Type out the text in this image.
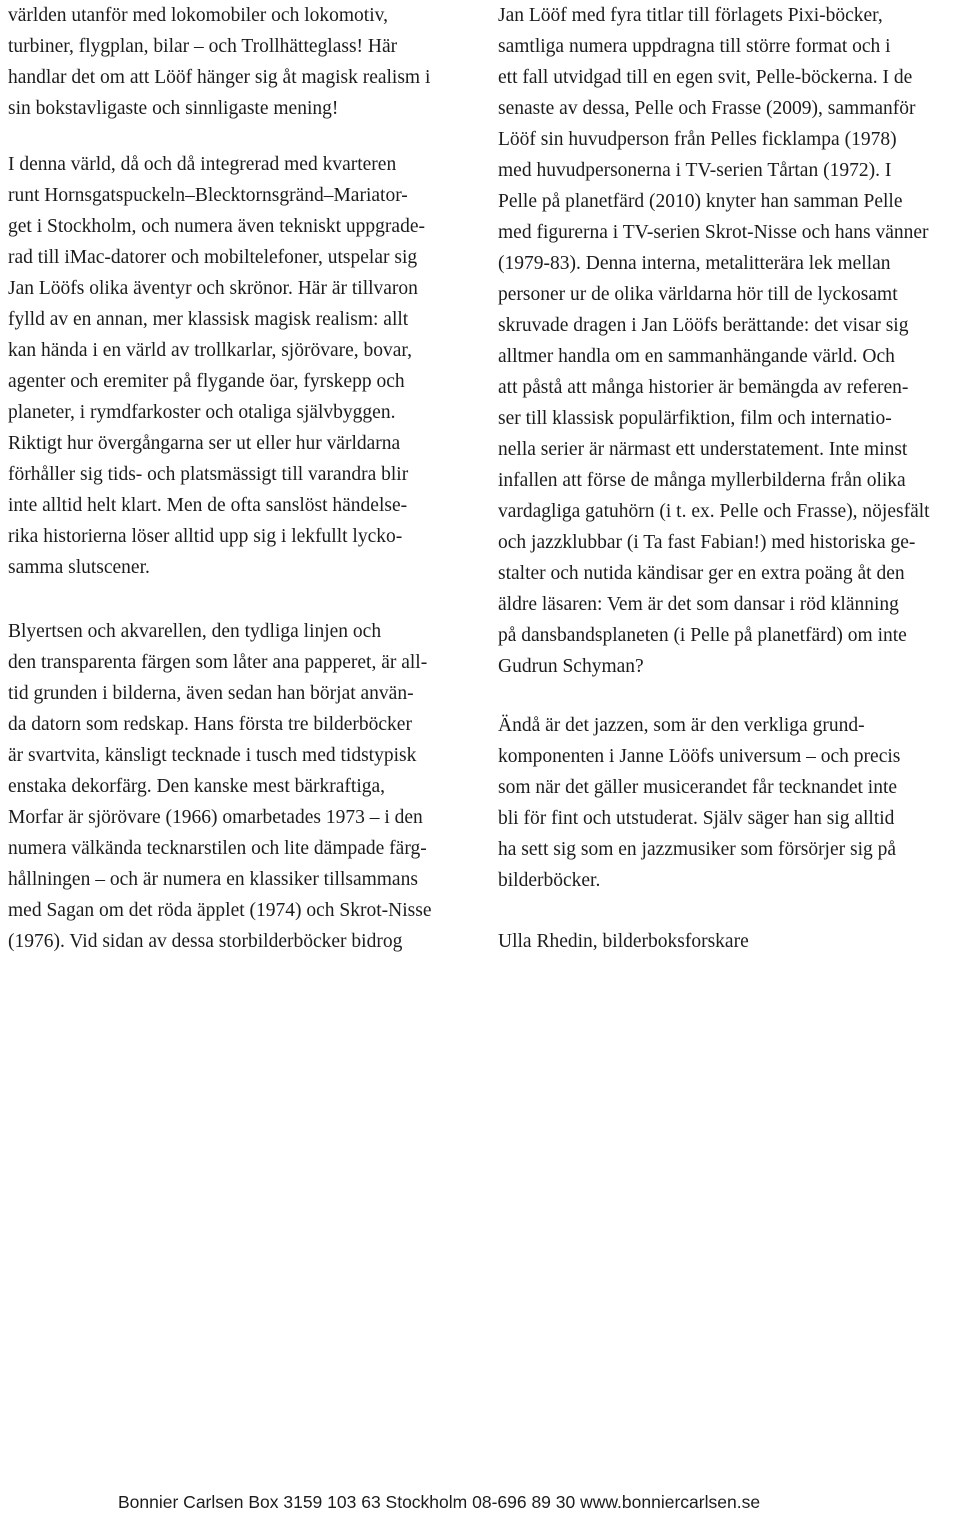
världen utanför med lokomobiler och lokomotiv,
turbiner, flygplan, bilar – och Trollhätteglass! Här
handlar det om att Lööf hänger sig åt magisk realism i
sin bokstavligaste och sinnligaste mening!
I denna värld, då och då integrerad med kvarteren
runt Hornsgatspuckeln–Blecktornsgränd–Mariator-
get i Stockholm, och numera även tekniskt uppgrade-
rad till iMac-datorer och mobiltelefoner, utspelar sig
Jan Lööfs olika äventyr och skrönor. Här är tillvaron
fylld av en annan, mer klassisk magisk realism: allt
kan hända i en värld av trollkarlar, sjörövare, bovar,
agenter och eremiter på flygande öar, fyrskepp och
planeter, i rymdfarkoster och otaliga självbyggen.
Riktigt hur övergångarna ser ut eller hur världarna
förhåller sig tids- och platsmässigt till varandra blir
inte alltid helt klart. Men de ofta sanslöst händelse-
rika historierna löser alltid upp sig i lekfullt lycko-
samma slutscener.
Blyertsen och akvarellen, den tydliga linjen och
den transparenta färgen som låter ana papperet, är all-
tid grunden i bilderna, även sedan han börjat använ-
da datorn som redskap. Hans första tre bilderböcker
är svartvita, känsligt tecknade i tusch med tidstypisk
enstaka dekorfärg. Den kanske mest bärkraftiga,
Morfar är sjörövare (1966) omarbetades 1973 – i den
numera välkända tecknarstilen och lite dämpade färg-
hållningen – och är numera en klassiker tillsammans
med Sagan om det röda äpplet (1974) och Skrot-Nisse
(1976). Vid sidan av dessa storbilderböcker bidrog
Jan Lööf med fyra titlar till förlagets Pixi-böcker,
samtliga numera uppdragna till större format och i
ett fall utvidgad till en egen svit, Pelle-böckerna. I de
senaste av dessa, Pelle och Frasse (2009), sammanför
Lööf sin huvudperson från Pelles ficklampa (1978)
med huvudpersonerna i TV-serien Tårtan (1972). I
Pelle på planetfärd (2010) knyter han samman Pelle
med figurerna i TV-serien Skrot-Nisse och hans vänner
(1979-83). Denna interna, metalitterära lek mellan
personer ur de olika världarna hör till de lyckosamt
skruvade dragen i Jan Lööfs berättande: det visar sig
alltmer handla om en sammanhängande värld. Och
att påstå att många historier är bemängda av referen-
ser till klassisk populärfiktion, film och internatio-
nella serier är närmast ett understatement. Inte minst
infallen att förse de många myllerbilderna från olika
vardagliga gatuhörn (i t. ex. Pelle och Frasse), nöjesfält
och jazzklubbar (i Ta fast Fabian!) med historiska ge-
stalter och nutida kändisar ger en extra poäng åt den
äldre läsaren: Vem är det som dansar i röd klänning
på dansbandsplaneten (i Pelle på planetfärd) om inte
Gudrun Schyman?
Ändå är det jazzen, som är den verkliga grund-
komponenten i Janne Lööfs universum – och precis
som när det gäller musicerandet får tecknandet inte
bli för fint och utstuderat. Själv säger han sig alltid
ha sett sig som en jazzmusiker som försörjer sig på
bilderböcker.
Ulla Rhedin, bilderboksforskare
Bonnier Carlsen Box 3159 103 63 Stockholm 08-696 89 30 www.bonniercarlsen.se
